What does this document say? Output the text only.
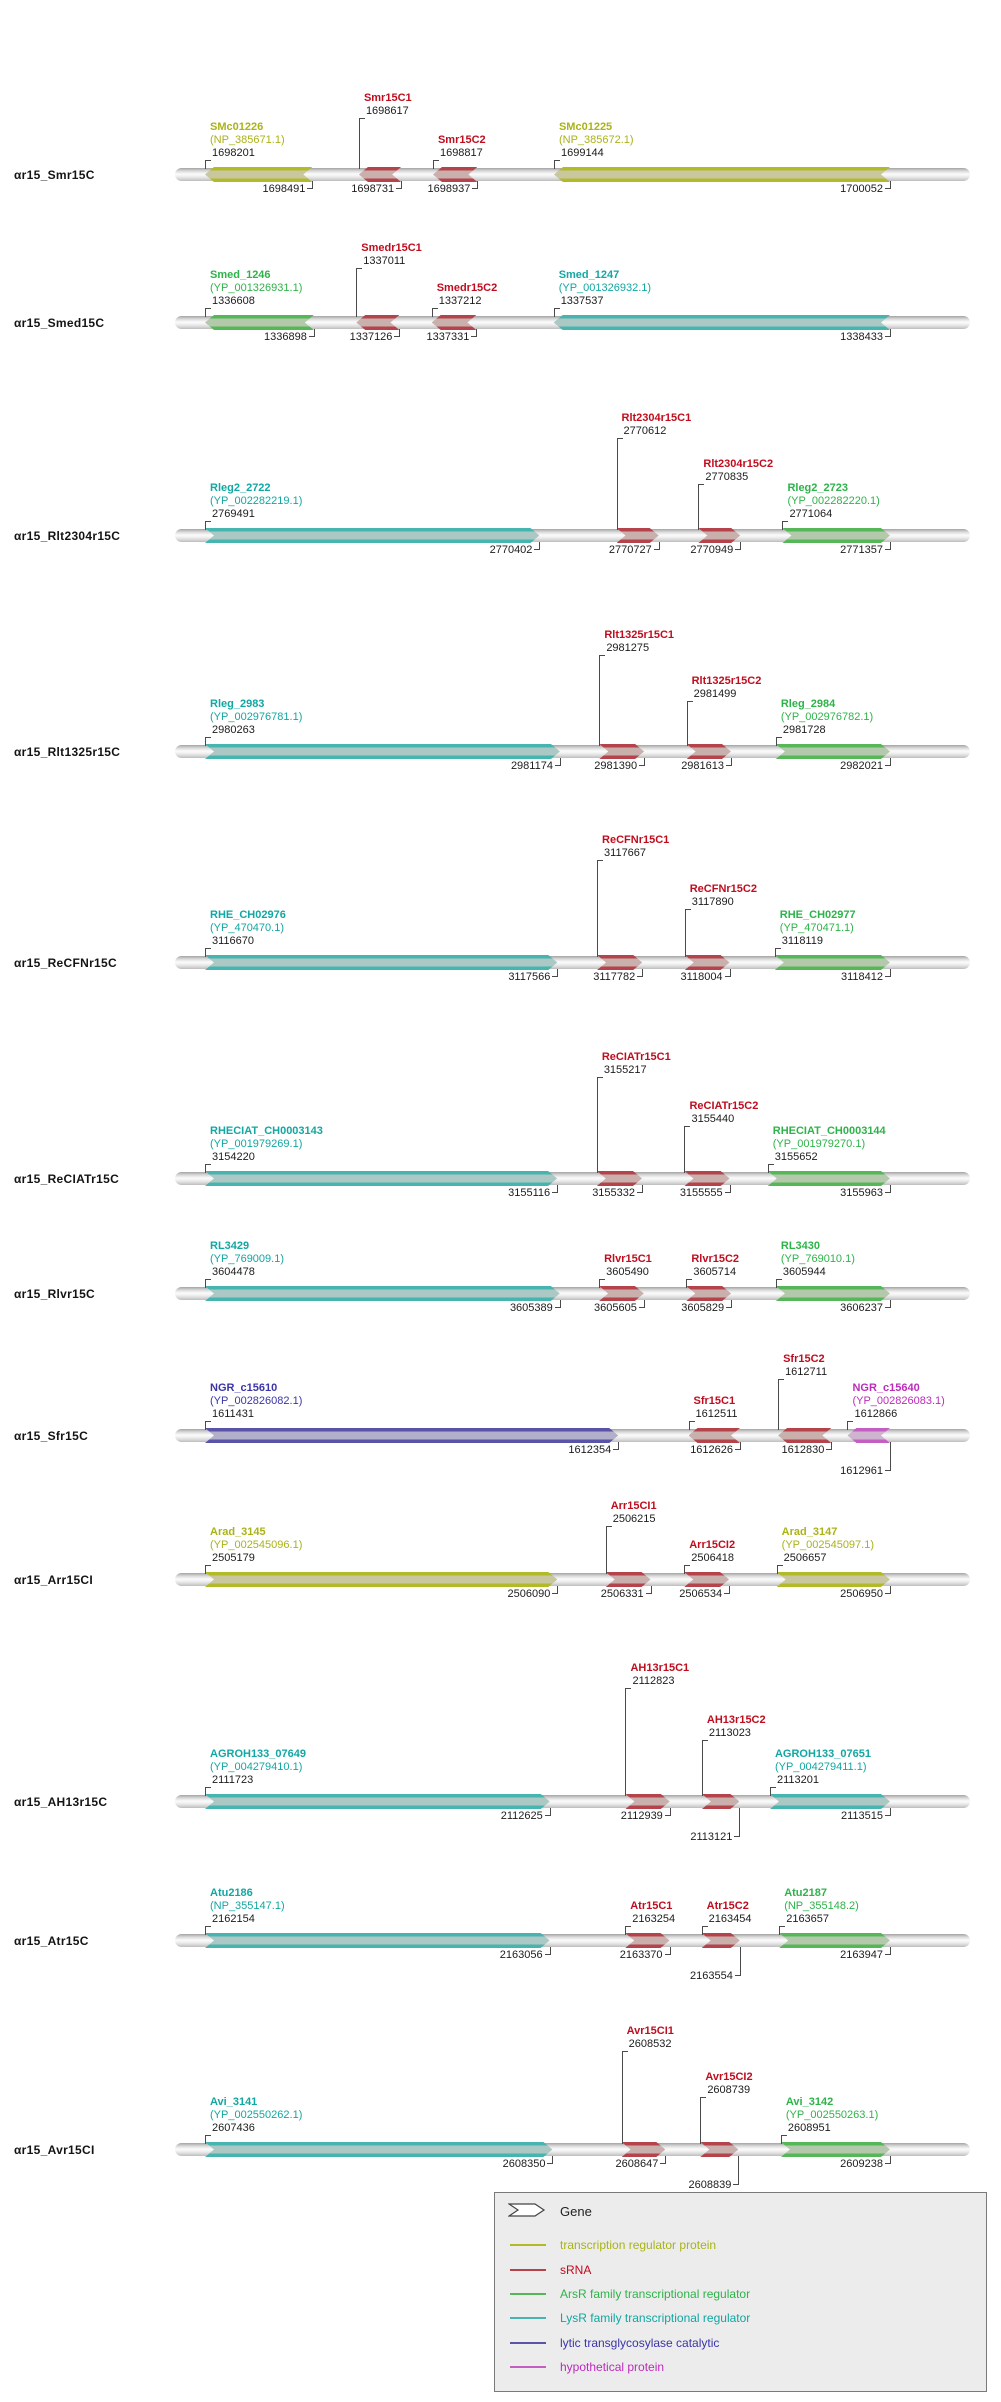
αr15_Smr15C
1698201
(NP_385671.1)
SMc01226
1698491
1698617
Smr15C1
1698731
1698817
Smr15C2
1698937
1699144
(NP_385672.1)
SMc01225
1700052
αr15_Smed15C
1336608
(YP_001326931.1)
Smed_1246
1336898
1337011
Smedr15C1
1337126
1337212
Smedr15C2
1337331
1337537
(YP_001326932.1)
Smed_1247
1338433
αr15_Rlt2304r15C
2769491
(YP_002282219.1)
Rleg2_2722
2770402
2770612
Rlt2304r15C1
2770727
2770835
Rlt2304r15C2
2770949
2771064
(YP_002282220.1)
Rleg2_2723
2771357
αr15_Rlt1325r15C
2980263
(YP_002976781.1)
Rleg_2983
2981174
2981275
Rlt1325r15C1
2981390
2981499
Rlt1325r15C2
2981613
2981728
(YP_002976782.1)
Rleg_2984
2982021
αr15_ReCFNr15C
3116670
(YP_470470.1)
RHE_CH02976
3117566
3117667
ReCFNr15C1
3117782
3117890
ReCFNr15C2
3118004
3118119
(YP_470471.1)
RHE_CH02977
3118412
αr15_ReCIATr15C
3154220
(YP_001979269.1)
RHECIAT_CH0003143
3155116
3155217
ReCIATr15C1
3155332
3155440
ReCIATr15C2
3155555
3155652
(YP_001979270.1)
RHECIAT_CH0003144
3155963
αr15_Rlvr15C
3604478
(YP_769009.1)
RL3429
3605389
3605490
Rlvr15C1
3605605
3605714
Rlvr15C2
3605829
3605944
(YP_769010.1)
RL3430
3606237
αr15_Sfr15C
1611431
(YP_002826082.1)
NGR_c15610
1612354
1612511
Sfr15C1
1612626
1612711
Sfr15C2
1612830
1612866
(YP_002826083.1)
NGR_c15640
1612961
αr15_Arr15CI
2505179
(YP_002545096.1)
Arad_3145
2506090
2506215
Arr15CI1
2506331
2506418
Arr15CI2
2506534
2506657
(YP_002545097.1)
Arad_3147
2506950
αr15_AH13r15C
2111723
(YP_004279410.1)
AGROH133_07649
2112625
2112823
AH13r15C1
2112939
2113023
AH13r15C2
2113121
2113201
(YP_004279411.1)
AGROH133_07651
2113515
αr15_Atr15C
2162154
(NP_355147.1)
Atu2186
2163056
2163254
Atr15C1
2163370
2163454
Atr15C2
2163554
2163657
(NP_355148.2)
Atu2187
2163947
αr15_Avr15CI
2607436
(YP_002550262.1)
Avi_3141
2608350
2608532
Avr15CI1
2608647
2608739
Avr15CI2
2608839
2608951
(YP_002550263.1)
Avi_3142
2609238
Gene
transcription regulator protein
sRNA
ArsR family transcriptional regulator
LysR family transcriptional regulator
lytic transglycosylase catalytic
hypothetical protein
